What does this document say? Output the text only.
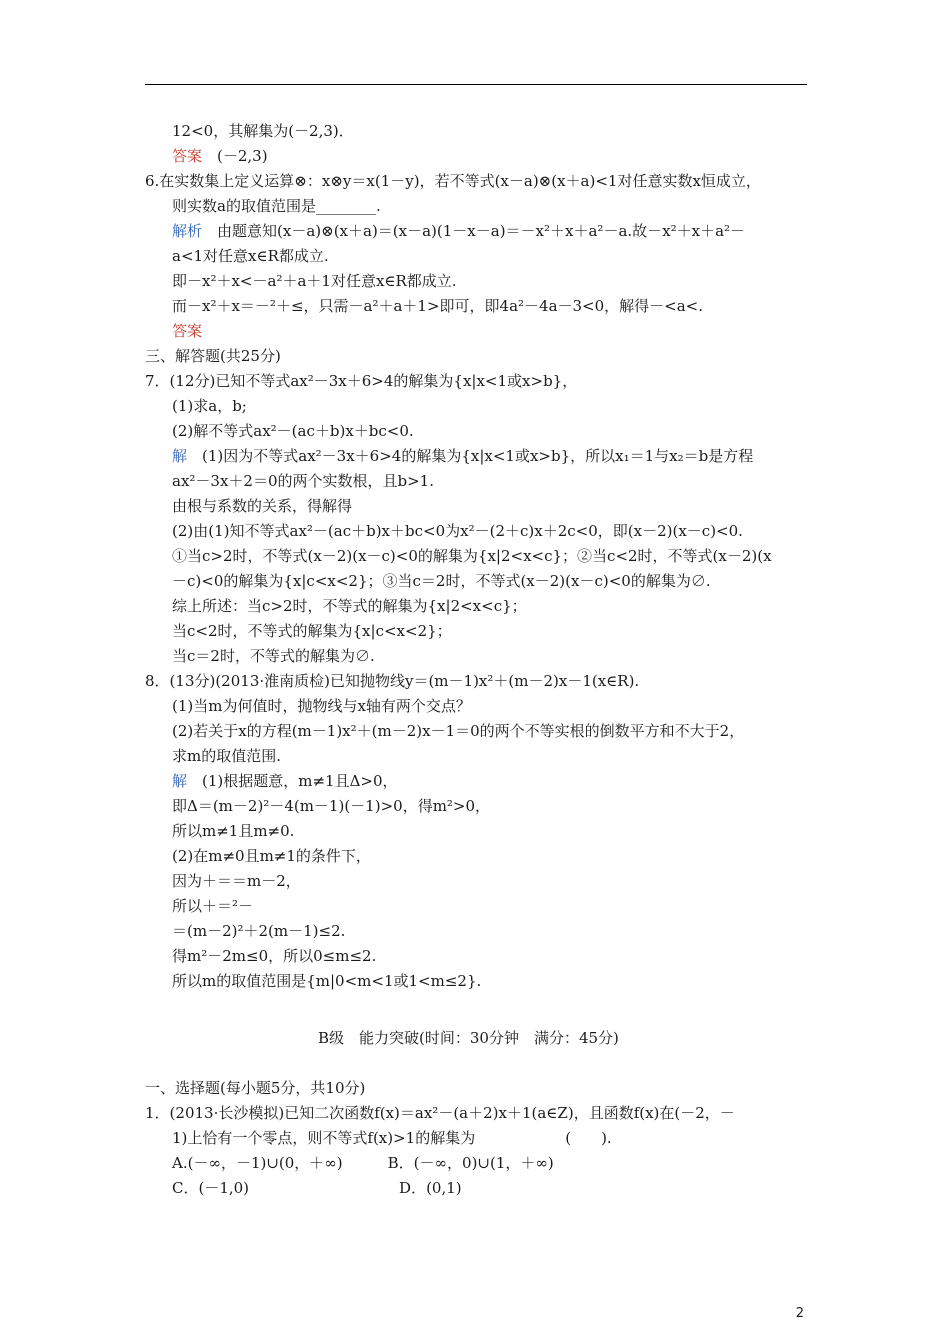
12<0，其解集为(－2,3)．
答案　(－2,3)
6.在实数集上定义运算⊗：x⊗y＝x(1－y)，若不等式(x－a)⊗(x＋a)<1对任意实数x恒成立，
则实数a的取值范围是________.
解析　由题意知(x－a)⊗(x＋a)＝(x－a)(1－x－a)＝－x²＋x＋a²－a.故－x²＋x＋a²－
a<1对任意x∈R都成立.
即－x²＋x<－a²＋a＋1对任意x∈R都成立.
而－x²＋x＝－²＋≤，只需－a²＋a＋1>即可，即4a²－4a－3<0，解得－<a<.
答案
三、解答题(共25分)
7．(12分)已知不等式ax²－3x＋6>4的解集为{x|x<1或x>b}，
(1)求a，b;
(2)解不等式ax²－(ac＋b)x＋bc<0.
解　(1)因为不等式ax²－3x＋6>4的解集为{x|x<1或x>b}，所以x₁＝1与x₂＝b是方程
ax²－3x＋2＝0的两个实数根，且b>1.
由根与系数的关系，得解得
(2)由(1)知不等式ax²－(ac＋b)x＋bc<0为x²－(2＋c)x＋2c<0，即(x－2)(x－c)<0.
①当c>2时，不等式(x－2)(x－c)<0的解集为{x|2<x<c}；②当c<2时，不等式(x－2)(x
－c)<0的解集为{x|c<x<2}；③当c＝2时，不等式(x－2)(x－c)<0的解集为∅.
综上所述：当c>2时，不等式的解集为{x|2<x<c}；
当c<2时，不等式的解集为{x|c<x<2}；
当c＝2时，不等式的解集为∅.
8．(13分)(2013·淮南质检)已知抛物线y＝(m－1)x²＋(m－2)x－1(x∈R).
(1)当m为何值时，抛物线与x轴有两个交点？
(2)若关于x的方程(m－1)x²＋(m－2)x－1＝0的两个不等实根的倒数平方和不大于2，
求m的取值范围.
解　(1)根据题意，m≠1且Δ>0，
即Δ＝(m－2)²－4(m－1)(－1)>0，得m²>0，
所以m≠1且m≠0.
(2)在m≠0且m≠1的条件下，
因为＋＝＝m－2，
所以＋＝²－
＝(m－2)²＋2(m－1)≤2.
得m²－2m≤0，所以0≤m≤2.
所以m的取值范围是{m|0<m<1或1<m≤2}.
B级　能力突破(时间：30分钟　满分：45分)
一、选择题(每小题5分，共10分)
1．(2013·长沙模拟)已知二次函数f(x)＝ax²－(a＋2)x＋1(a∈Z)，且函数f(x)在(－2，－
1)上恰有一个零点，则不等式f(x)>1的解集为　　　　　　(　　).
A.(－∞，－1)∪(0，＋∞)　　　B．(－∞，0)∪(1，＋∞)
C．(－1,0)　　　　　　　　　　D．(0,1)
2
